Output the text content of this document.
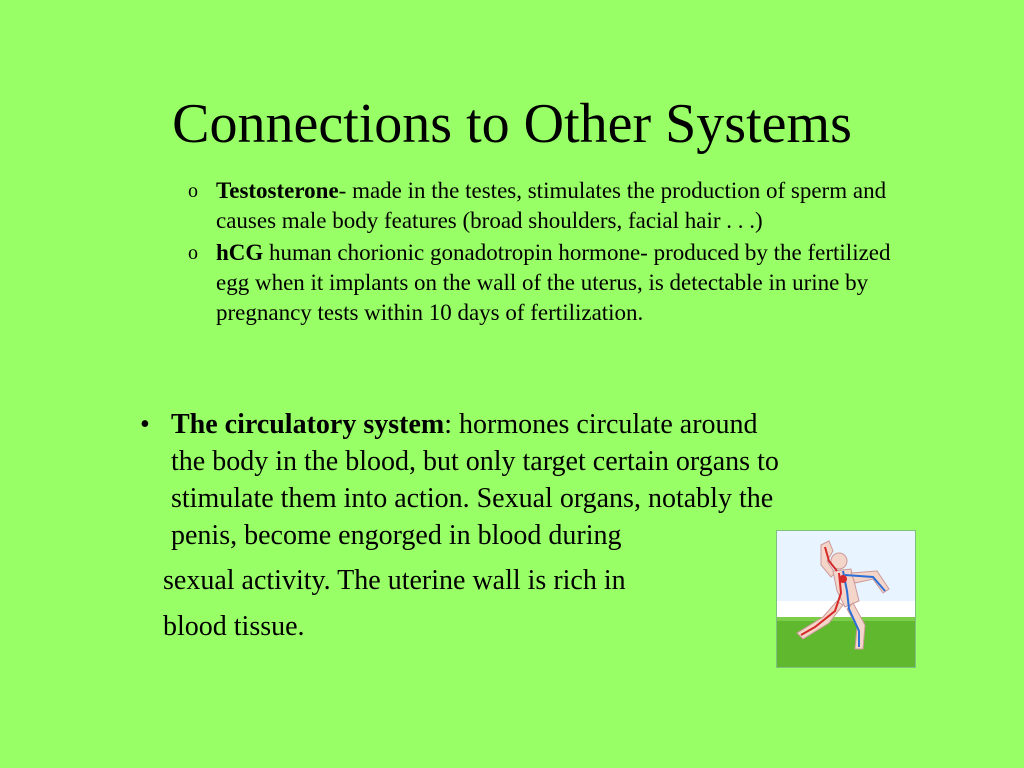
Connections to Other Systems
o Testosterone- made in the testes, stimulates the production of sperm and causes male body features (broad shoulders, facial hair . . .)
o hCG human chorionic gonadotropin hormone- produced by the fertilized egg when it implants on the wall of the uterus, is detectable in urine by pregnancy tests within 10 days of fertilization.
• The circulatory system: hormones circulate around
the body in the blood, but only target certain organs to
stimulate them into action. Sexual organs, notably the
penis, become engorged in blood during
sexual activity. The uterine wall is rich in
blood tissue.
